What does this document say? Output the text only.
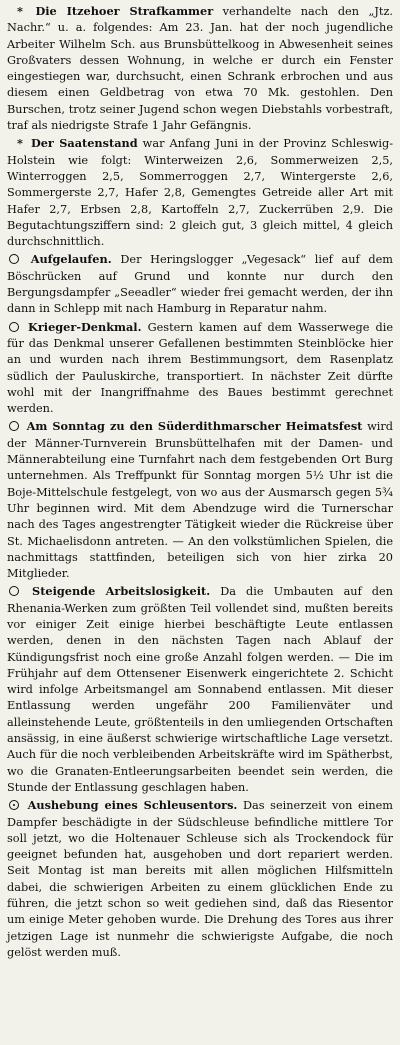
* Die Itzehoer Strafkammer verhandelte nach den „Jtz. Nachr.“ u. a. folgendes: Am 23. Jan. hat der noch jugendliche Arbeiter Wilhelm Sch. aus Brunsbüttelkoog in Abwesenheit seines Großvaters dessen Wohnung, in welche er durch ein Fenster eingestiegen war, durchsucht, einen Schrank erbrochen und aus diesem einen Geldbetrag von etwa 70 Mk. gestohlen. Den Burschen, trotz seiner Jugend schon wegen Diebstahls vorbestraft, traf als niedrigste Strafe 1 Jahr Gefängnis.

* Der Saatenstand war Anfang Juni in der Provinz Schleswig-Holstein wie folgt: Winterweizen 2,6, Sommerweizen 2,5, Winterroggen 2,5, Sommerroggen 2,7, Wintergerste 2,6, Sommergerste 2,7, Hafer 2,8, Gemengtes Getreide aller Art mit Hafer 2,7, Erbsen 2,8, Kartoffeln 2,7, Zuckerrüben 2,9. Die Begutachtungsziffern sind: 2 gleich gut, 3 gleich mittel, 4 gleich durchschnittlich.

Aufgelaufen. Der Heringslogger „Vegesack“ lief auf dem Böschrücken auf Grund und konnte nur durch den Bergungsdampfer „Seeadler“ wieder frei gemacht werden, der ihn dann in Schlepp mit nach Hamburg in Reparatur nahm.

Krieger-Denkmal. Gestern kamen auf dem Wasserwege die für das Denkmal unserer Gefallenen bestimmten Steinblöcke hier an und wurden nach ihrem Bestimmungsort, dem Rasenplatz südlich der Pauluskirche, transportiert. In nächster Zeit dürfte wohl mit der Inangriffnahme des Baues bestimmt gerechnet werden.

Am Sonntag zu den Süderdithmarscher Heimatsfest wird der Männer-Turnverein Brunsbüttelhafen mit der Damen- und Männerabteilung eine Turnfahrt nach dem festgebenden Ort Burg unternehmen. Als Treffpunkt für Sonntag morgen 5½ Uhr ist die Boje-Mittelschule festgelegt, von wo aus der Ausmarsch gegen 5¾ Uhr beginnen wird. Mit dem Abendzuge wird die Turnerschar nach des Tages angestrengter Tätigkeit wieder die Rückreise über St. Michaelisdonn antreten. — An den volkstümlichen Spielen, die nachmittags stattfinden, beteiligen sich von hier zirka 20 Mitglieder.

Steigende Arbeitslosigkeit. Da die Umbauten auf den Rhenania-Werken zum größten Teil vollendet sind, mußten bereits vor einiger Zeit einige hierbei beschäftigte Leute entlassen werden, denen in den nächsten Tagen nach Ablauf der Kündigungsfrist noch eine große Anzahl folgen werden. — Die im Frühjahr auf dem Ottensener Eisenwerk eingerichtete 2. Schicht wird infolge Arbeitsmangel am Sonnabend entlassen. Mit dieser Entlassung werden ungefähr 200 Familienväter und alleinstehende Leute, größtenteils in den umliegenden Ortschaften ansässig, in eine äußerst schwierige wirtschaftliche Lage versetzt. Auch für die noch verbleibenden Arbeitskräfte wird im Spätherbst, wo die Granaten-Entleerungsarbeiten beendet sein werden, die Stunde der Entlassung geschlagen haben.

Aushebung eines Schleusentors. Das seinerzeit von einem Dampfer beschädigte in der Südschleuse befindliche mittlere Tor soll jetzt, wo die Holtenauer Schleuse sich als Trockendock für geeignet befunden hat, ausgehoben und dort repariert werden. Seit Montag ist man bereits mit allen möglichen Hilfsmitteln dabei, die schwierigen Arbeiten zu einem glücklichen Ende zu führen, die jetzt schon so weit gediehen sind, daß das Riesentor um einige Meter gehoben wurde. Die Drehung des Tores aus ihrer jetzigen Lage ist nunmehr die schwierigste Aufgabe, die noch gelöst werden muß.
